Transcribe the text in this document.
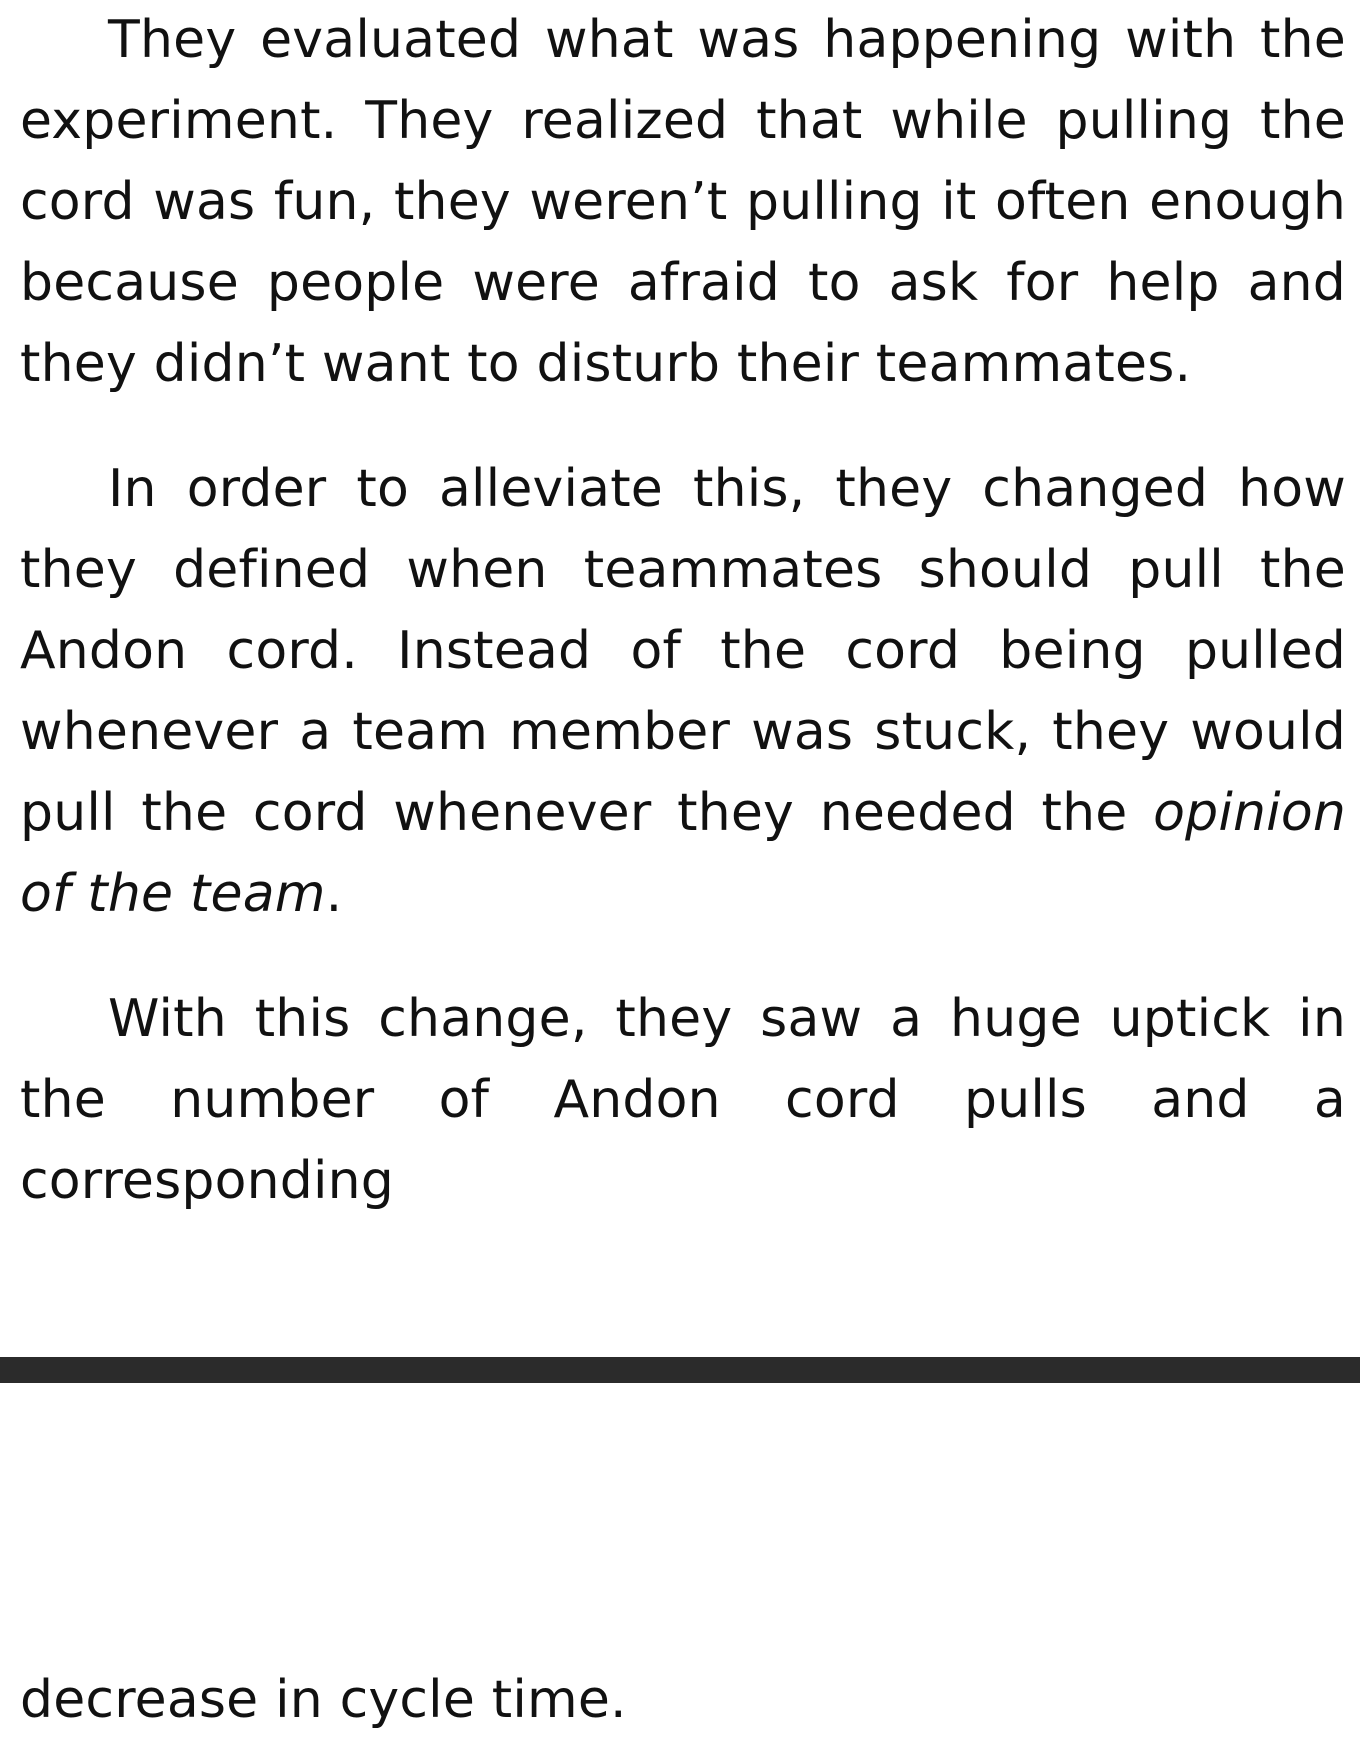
They evaluated what was happening with the experiment. They realized that while pulling the cord was fun, they weren’t pulling it often enough because people were afraid to ask for help and they didn’t want to disturb their teammates.

In order to alleviate this, they changed how they defined when teammates should pull the Andon cord. Instead of the cord being pulled whenever a team member was stuck, they would pull the cord whenever they needed the opinion of the team.

With this change, they saw a huge uptick in the number of Andon cord pulls and a corresponding

decrease in cycle time.
